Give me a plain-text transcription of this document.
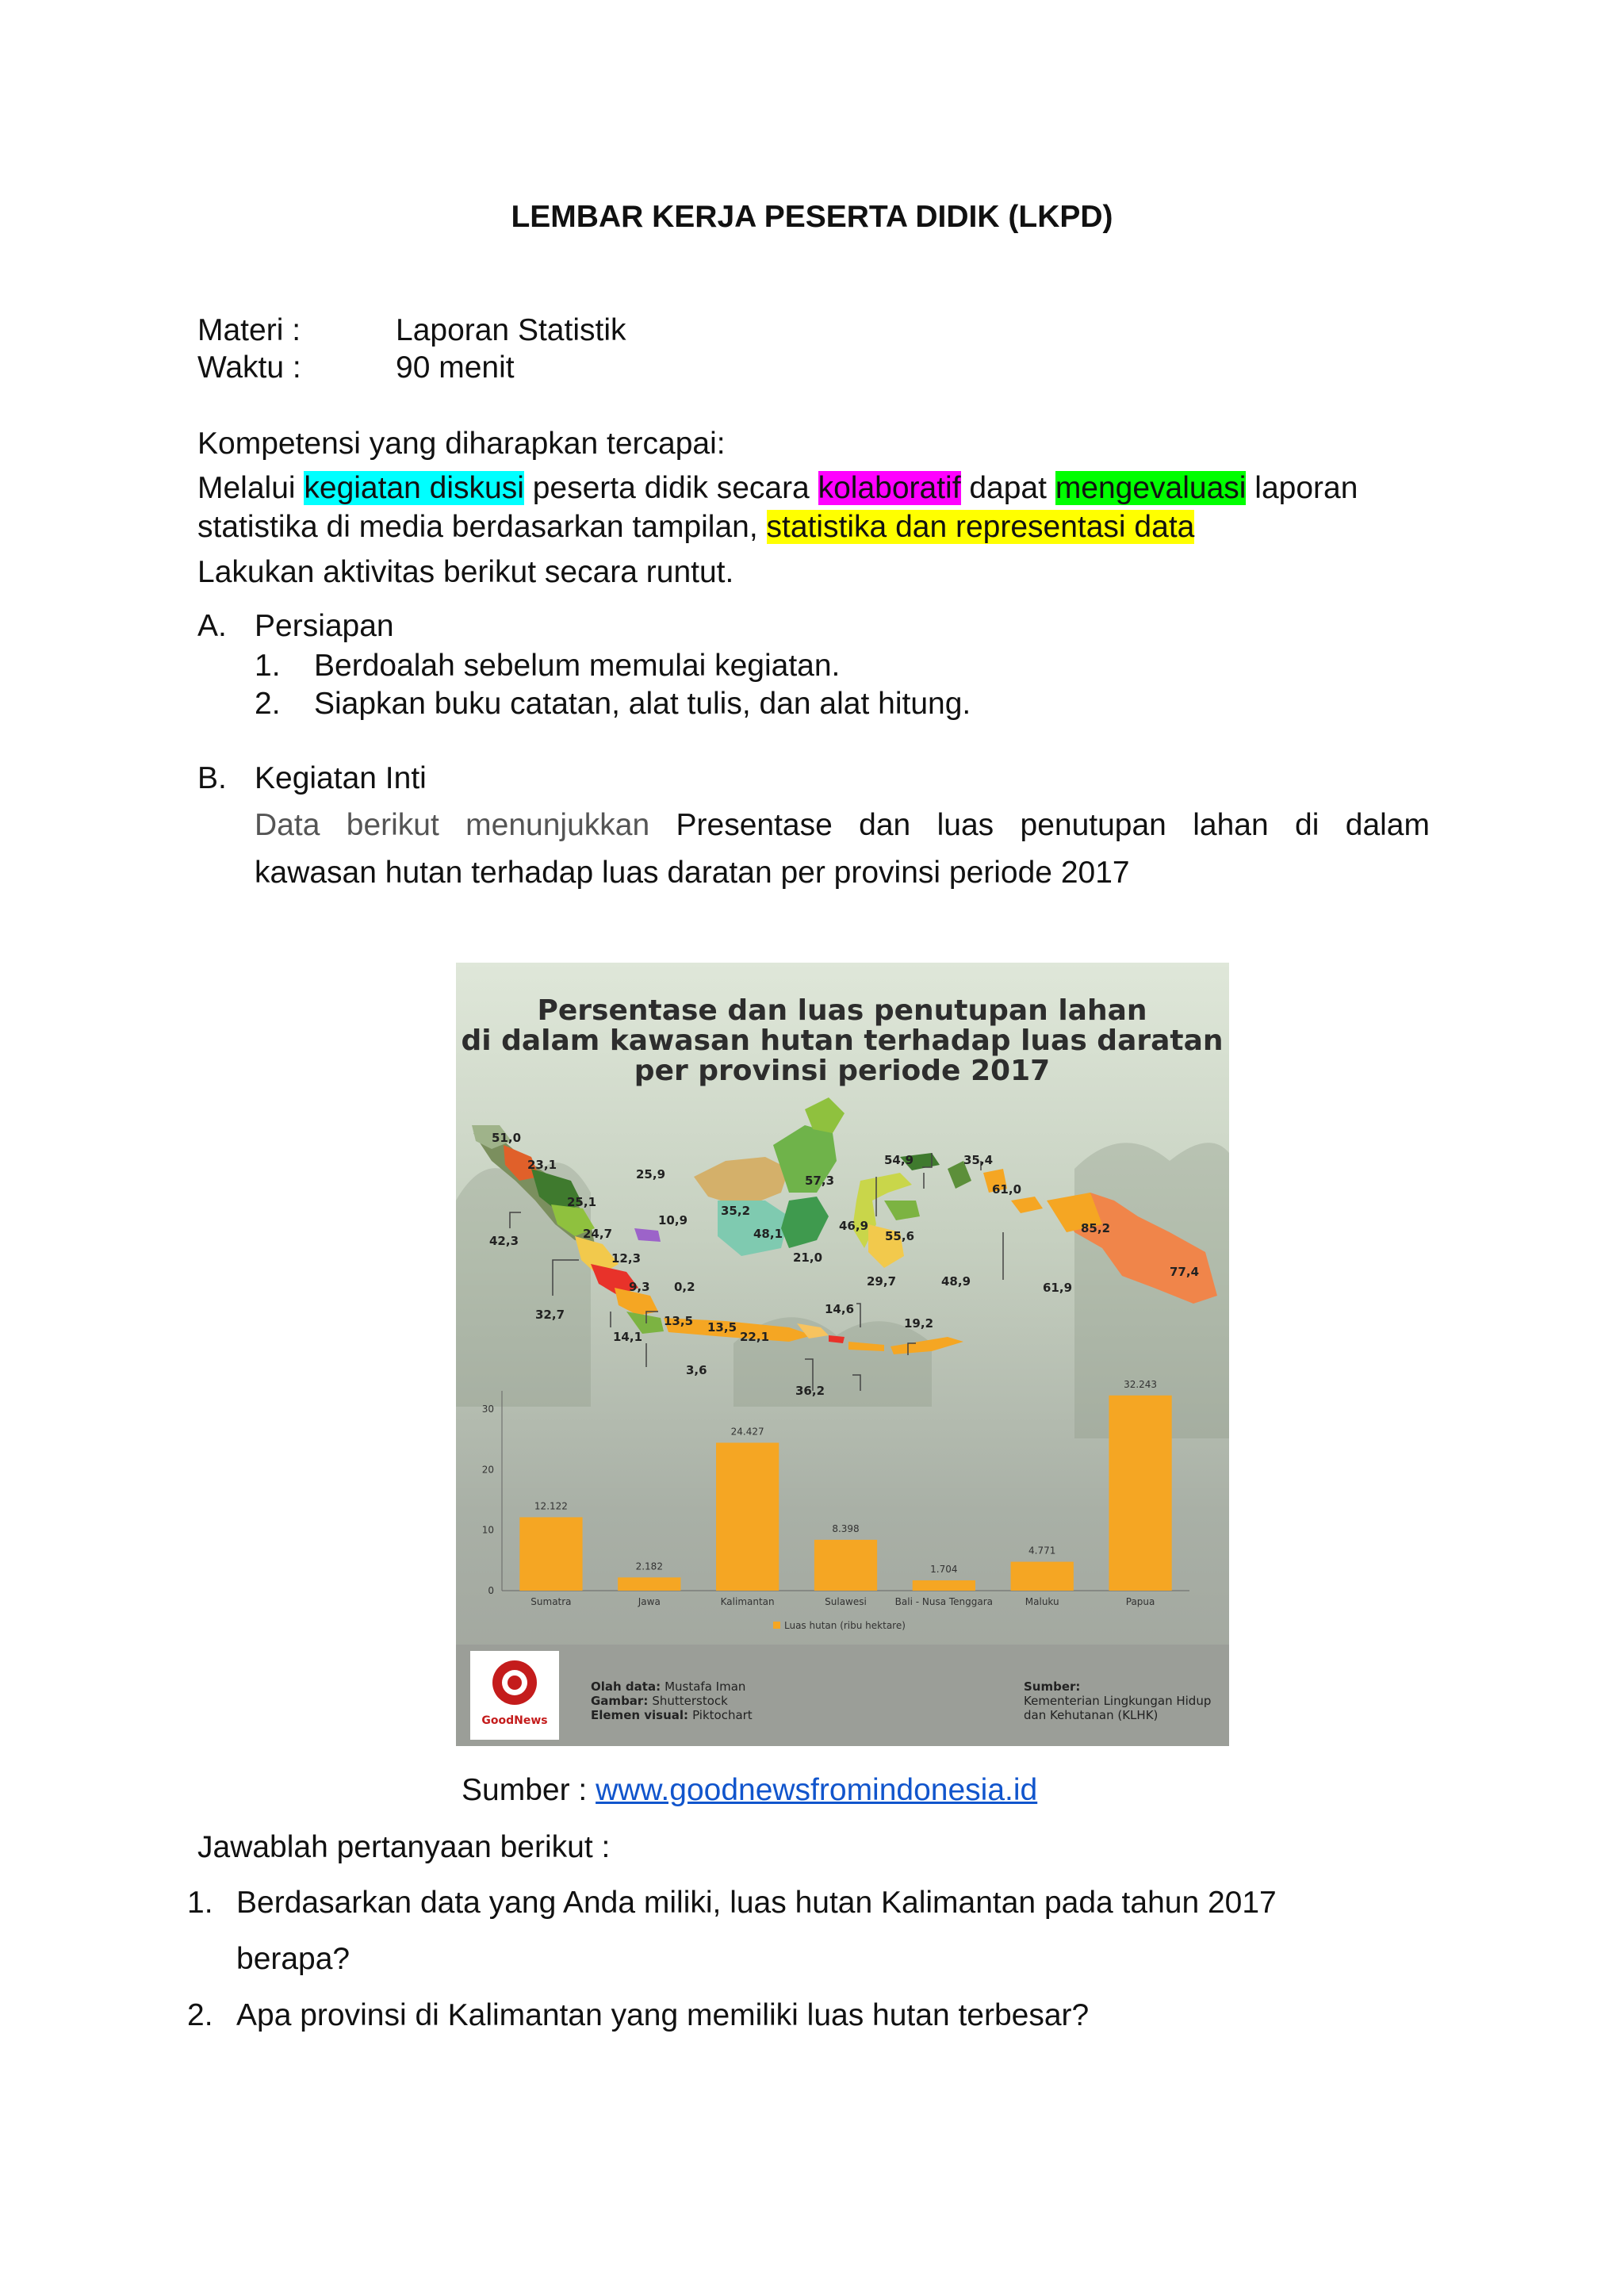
LEMBAR KERJA PESERTA DIDIK (LKPD)
Materi :	Laporan Statistik
Waktu :	90 menit
Kompetensi yang diharapkan tercapai:
Melalui kegiatan diskusi peserta didik secara kolaboratif dapat mengevaluasi laporan
statistika di media berdasarkan tampilan, statistika dan representasi data
Lakukan aktivitas berikut secara runtut.
A. Persiapan
1. Berdoalah sebelum memulai kegiatan.
2. Siapkan buku catatan, alat tulis, dan alat hitung.
B. Kegiatan Inti
Data berikut menunjukkan Presentase dan luas penutupan lahan di dalam
kawasan hutan terhadap luas daratan per provinsi periode 2017
Persentase dan luas penutupan lahan
di dalam kawasan hutan terhadap luas daratan
per provinsi periode 2017
51,0
23,1
25,9
25,1
24,7
42,3
10,9
35,2
48,1
57,3
21,0
12,3
9,3 0,2
32,7
14,1
13,5 13,5
22,1
3,6
14,6
36,2
19,2
46,9
55,6
29,7	48,9
54,9	35,4
61,0
85,2
77,4
61,9
0
10
20
30
12.122
Sumatra
2.182
Jawa
24.427
Kalimantan
8.398
Sulawesi
1.704
Bali - Nusa Tenggara
4.771
Maluku
32.243
Papua
Luas hutan (ribu hektare)
GoodNews
Olah data: Mustafa Iman
Gambar: Shutterstock
Elemen visual: Piktochart
Sumber:
Kementerian Lingkungan Hidup
dan Kehutanan (KLHK)
Sumber : www.goodnewsfromindonesia.id
Jawablah pertanyaan berikut :
1. Berdasarkan data yang Anda miliki, luas hutan Kalimantan pada tahun 2017
berapa?
2. Apa provinsi di Kalimantan yang memiliki luas hutan terbesar?
